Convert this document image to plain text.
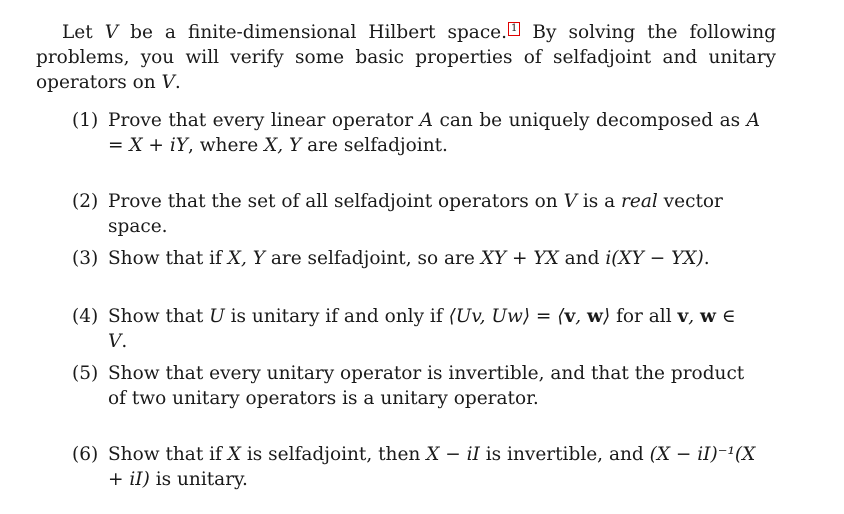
Let V be a finite-dimensional Hilbert space. 1 By solving the following problems, you will verify some basic properties of selfadjoint and unitary operators on V.
(1) Prove that every linear operator A can be uniquely decomposed as A = X + iY, where X, Y are selfadjoint.
(2) Prove that the set of all selfadjoint operators on V is a real vector space.
(3) Show that if X, Y are selfadjoint, so are XY + YX and i(XY − YX).
(4) Show that U is unitary if and only if ⟨Uv, Uw⟩ = ⟨v, w⟩ for all v, w ∈ V.
(5) Show that every unitary operator is invertible, and that the product of two unitary operators is a unitary operator.
(6) Show that if X is selfadjoint, then X − iI is invertible, and (X − iI)⁻¹(X + iI) is unitary.
